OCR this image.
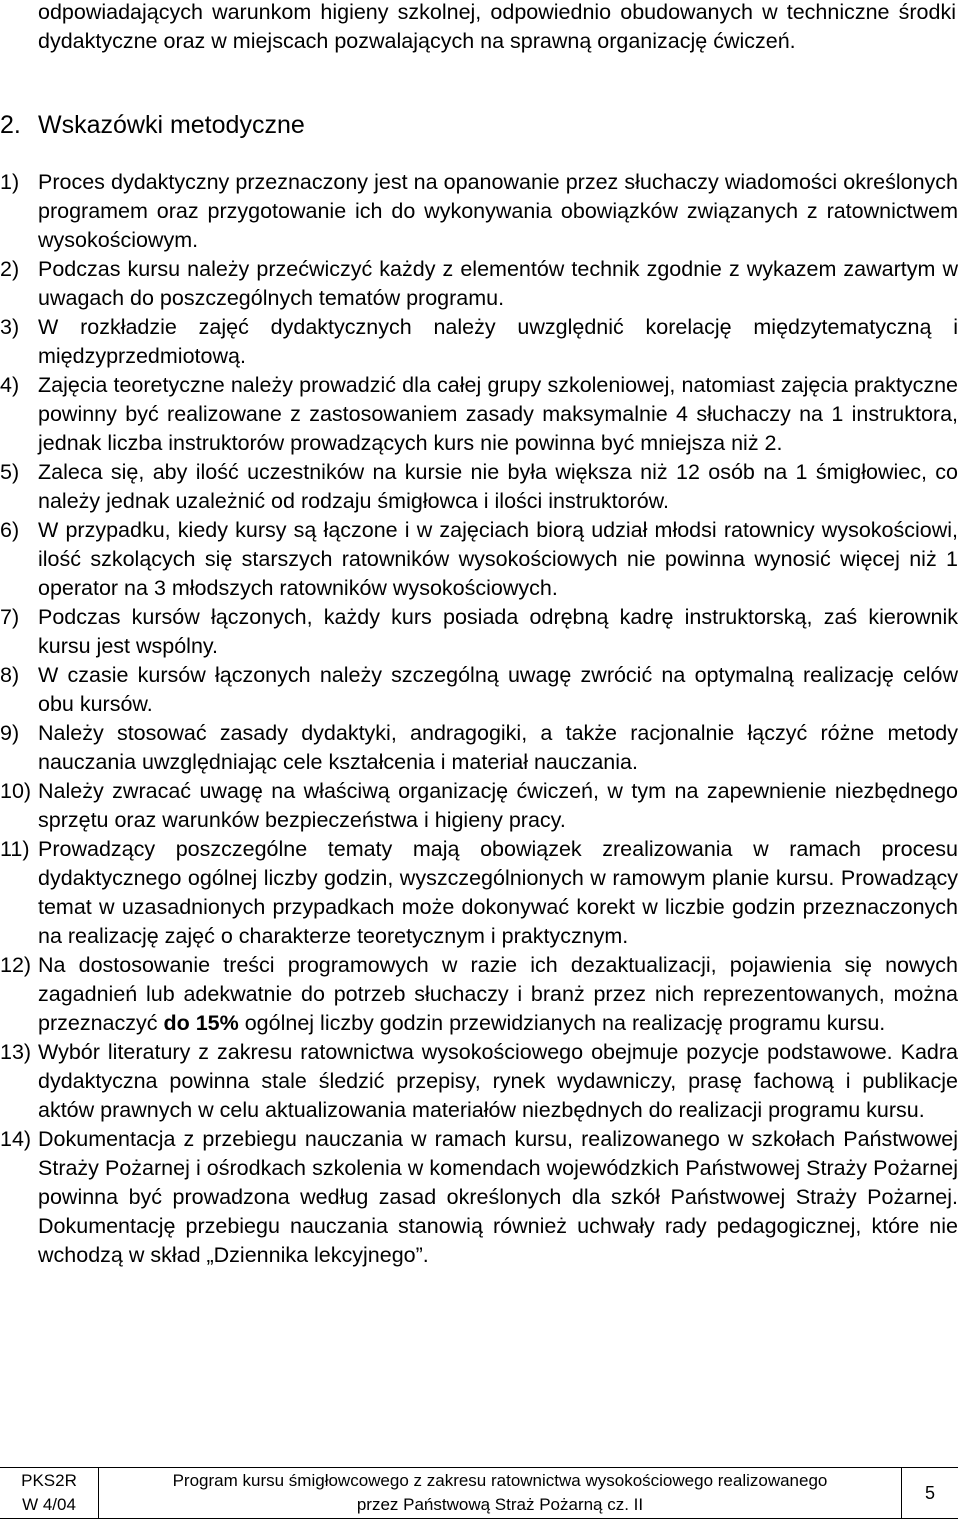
odpowiadających warunkom higieny szkolnej, odpowiednio obudowanych w techniczne środki dydaktyczne oraz w miejscach pozwalających na sprawną organizację ćwiczeń.

2. Wskazówki metodyczne
1) Proces dydaktyczny przeznaczony jest na opanowanie przez słuchaczy wiadomości określonych programem oraz przygotowanie ich do wykonywania obowiązków związanych z ratownictwem wysokościowym.
2) Podczas kursu należy przećwiczyć każdy z elementów technik zgodnie z wykazem zawartym w uwagach do poszczególnych tematów programu.
3) W rozkładzie zajęć dydaktycznych należy uwzględnić korelację międzytematyczną i międzyprzedmiotową.
4) Zajęcia teoretyczne należy prowadzić dla całej grupy szkoleniowej, natomiast zajęcia praktyczne powinny być realizowane z zastosowaniem zasady maksymalnie 4 słuchaczy na 1 instruktora, jednak liczba instruktorów prowadzących kurs nie powinna być mniejsza niż 2.
5) Zaleca się, aby ilość uczestników na kursie nie była większa niż 12 osób na 1 śmigłowiec, co należy jednak uzależnić od rodzaju śmigłowca i ilości instruktorów.
6) W przypadku, kiedy kursy są łączone i w zajęciach biorą udział młodsi ratownicy wysokościowi, ilość szkolących się starszych ratowników wysokościowych nie powinna wynosić więcej niż 1 operator na 3 młodszych ratowników wysokościowych.
7) Podczas kursów łączonych, każdy kurs posiada odrębną kadrę instruktorską, zaś kierownik kursu jest wspólny.
8) W czasie kursów łączonych należy szczególną uwagę zwrócić na optymalną realizację celów obu kursów.
9) Należy stosować zasady dydaktyki, andragogiki, a także racjonalnie łączyć różne metody nauczania uwzględniając cele kształcenia i materiał nauczania.
10) Należy zwracać uwagę na właściwą organizację ćwiczeń, w tym na zapewnienie niezbędnego sprzętu oraz warunków bezpieczeństwa i higieny pracy.
11) Prowadzący poszczególne tematy mają obowiązek zrealizowania w ramach procesu dydaktycznego ogólnej liczby godzin, wyszczególnionych w ramowym planie kursu. Prowadzący temat w uzasadnionych przypadkach może dokonywać korekt w liczbie godzin przeznaczonych na realizację zajęć o charakterze teoretycznym i praktycznym.
12) Na dostosowanie treści programowych w razie ich dezaktualizacji, pojawienia się nowych zagadnień lub adekwatnie do potrzeb słuchaczy i branż przez nich reprezentowanych, można przeznaczyć do 15% ogólnej liczby godzin przewidzianych na realizację programu kursu.
13) Wybór literatury z zakresu ratownictwa wysokościowego obejmuje pozycje podstawowe. Kadra dydaktyczna powinna stale śledzić przepisy, rynek wydawniczy, prasę fachową i publikacje aktów prawnych w celu aktualizowania materiałów niezbędnych do realizacji programu kursu.
14) Dokumentacja z przebiegu nauczania w ramach kursu, realizowanego w szkołach Państwowej Straży Pożarnej i ośrodkach szkolenia w komendach wojewódzkich Państwowej Straży Pożarnej powinna być prowadzona według zasad określonych dla szkół Państwowej Straży Pożarnej. Dokumentację przebiegu nauczania stanowią również uchwały rady pedagogicznej, które nie wchodzą w skład „Dziennika lekcyjnego”.
PKS2R
W 4/04
Program kursu śmigłowcowego z zakresu ratownictwa wysokościowego realizowanego
przez Państwową Straż Pożarną cz. II
5
